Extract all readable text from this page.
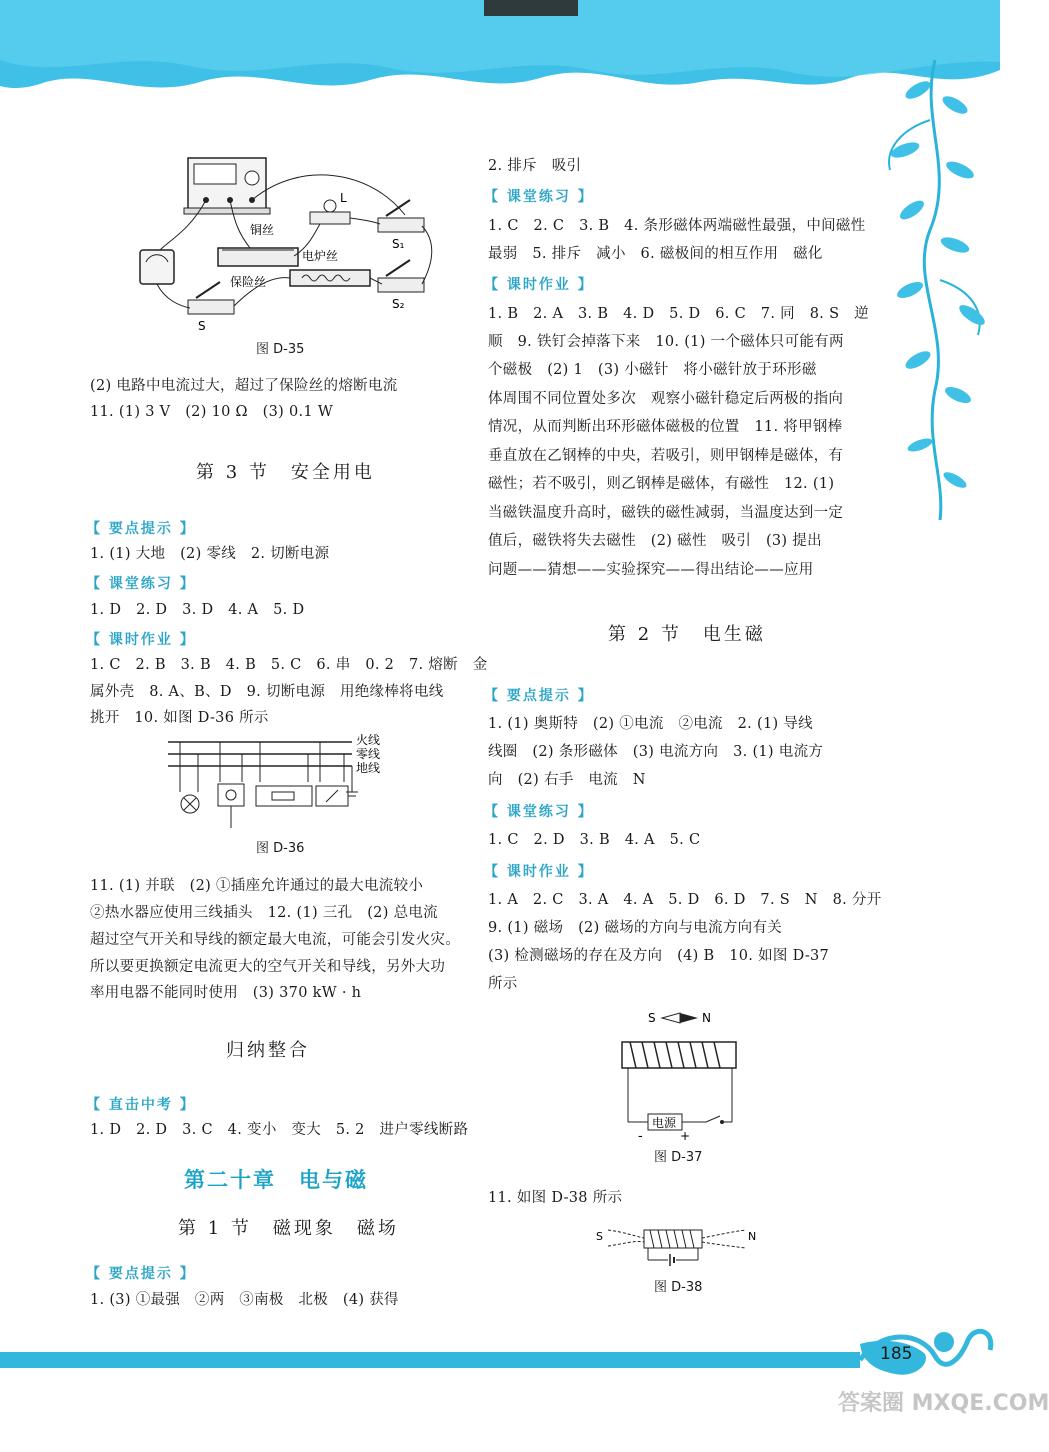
铜丝
保险丝
电炉丝
L
S₁
S₂
S
图 D-35
(2) 电路中电流过大，超过了保险丝的熔断电流
11. (1) 3 V　(2) 10 Ω　(3) 0.1 W
第 3 节　安全用电
【 要点提示 】
1. (1) 大地　(2) 零线　2. 切断电源
【 课堂练习 】
1. D　2. D　3. D　4. A　5. D
【 课时作业 】
1. C　2. B　3. B　4. B　5. C　6. 串　0. 2　7. 熔断　金
属外壳　8. A、B、D　9. 切断电源　用绝缘棒将电线
挑开　10. 如图 D-36 所示
火线
零线
地线
图 D-36
11. (1) 并联　(2) ①插座允许通过的最大电流较小
②热水器应使用三线插头　12. (1) 三孔　(2) 总电流
超过空气开关和导线的额定最大电流，可能会引发火灾。
所以要更换额定电流更大的空气开关和导线，另外大功
率用电器不能同时使用　(3) 370 kW · h
归纳整合
【 直击中考 】
1. D　2. D　3. C　4. 变小　变大　5. 2　进户零线断路
第二十章　电与磁
第 1 节　磁现象　磁场
【 要点提示 】
1. (3) ①最强　②两　③南极　北极　(4) 获得
2. 排斥　吸引
【 课堂练习 】
1. C　2. C　3. B　4. 条形磁体两端磁性最强，中间磁性
最弱　5. 排斥　减小　6. 磁极间的相互作用　磁化
【 课时作业 】
1. B　2. A　3. B　4. D　5. D　6. C　7. 同　8. S　逆
顺　9. 铁钉会掉落下来　10. (1) 一个磁体只可能有两
个磁极　(2) 1　(3) 小磁针　将小磁针放于环形磁
体周围不同位置处多次　观察小磁针稳定后两极的指向
情况，从而判断出环形磁体磁极的位置　11. 将甲钢棒
垂直放在乙钢棒的中央，若吸引，则甲钢棒是磁体，有
磁性；若不吸引，则乙钢棒是磁体，有磁性　12. (1)
当磁铁温度升高时，磁铁的磁性减弱，当温度达到一定
值后，磁铁将失去磁性　(2) 磁性　吸引　(3) 提出
问题——猜想——实验探究——得出结论——应用
第 2 节　电生磁
【 要点提示 】
1. (1) 奥斯特　(2) ①电流　②电流　2. (1) 导线
线圈　(2) 条形磁体　(3) 电流方向　3. (1) 电流方
向　(2) 右手　电流　N
【 课堂练习 】
1. C　2. D　3. B　4. A　5. C
【 课时作业 】
1. A　2. C　3. A　4. A　5. D　6. D　7. S　N　8. 分开
9. (1) 磁场　(2) 磁场的方向与电流方向有关
(3) 检测磁场的存在及方向　(4) B　10. 如图 D-37
所示
S	N
电源
-	+
图 D-37
11. 如图 D-38 所示
S	N
图 D-38
185
答案圈 MXQE.COM
